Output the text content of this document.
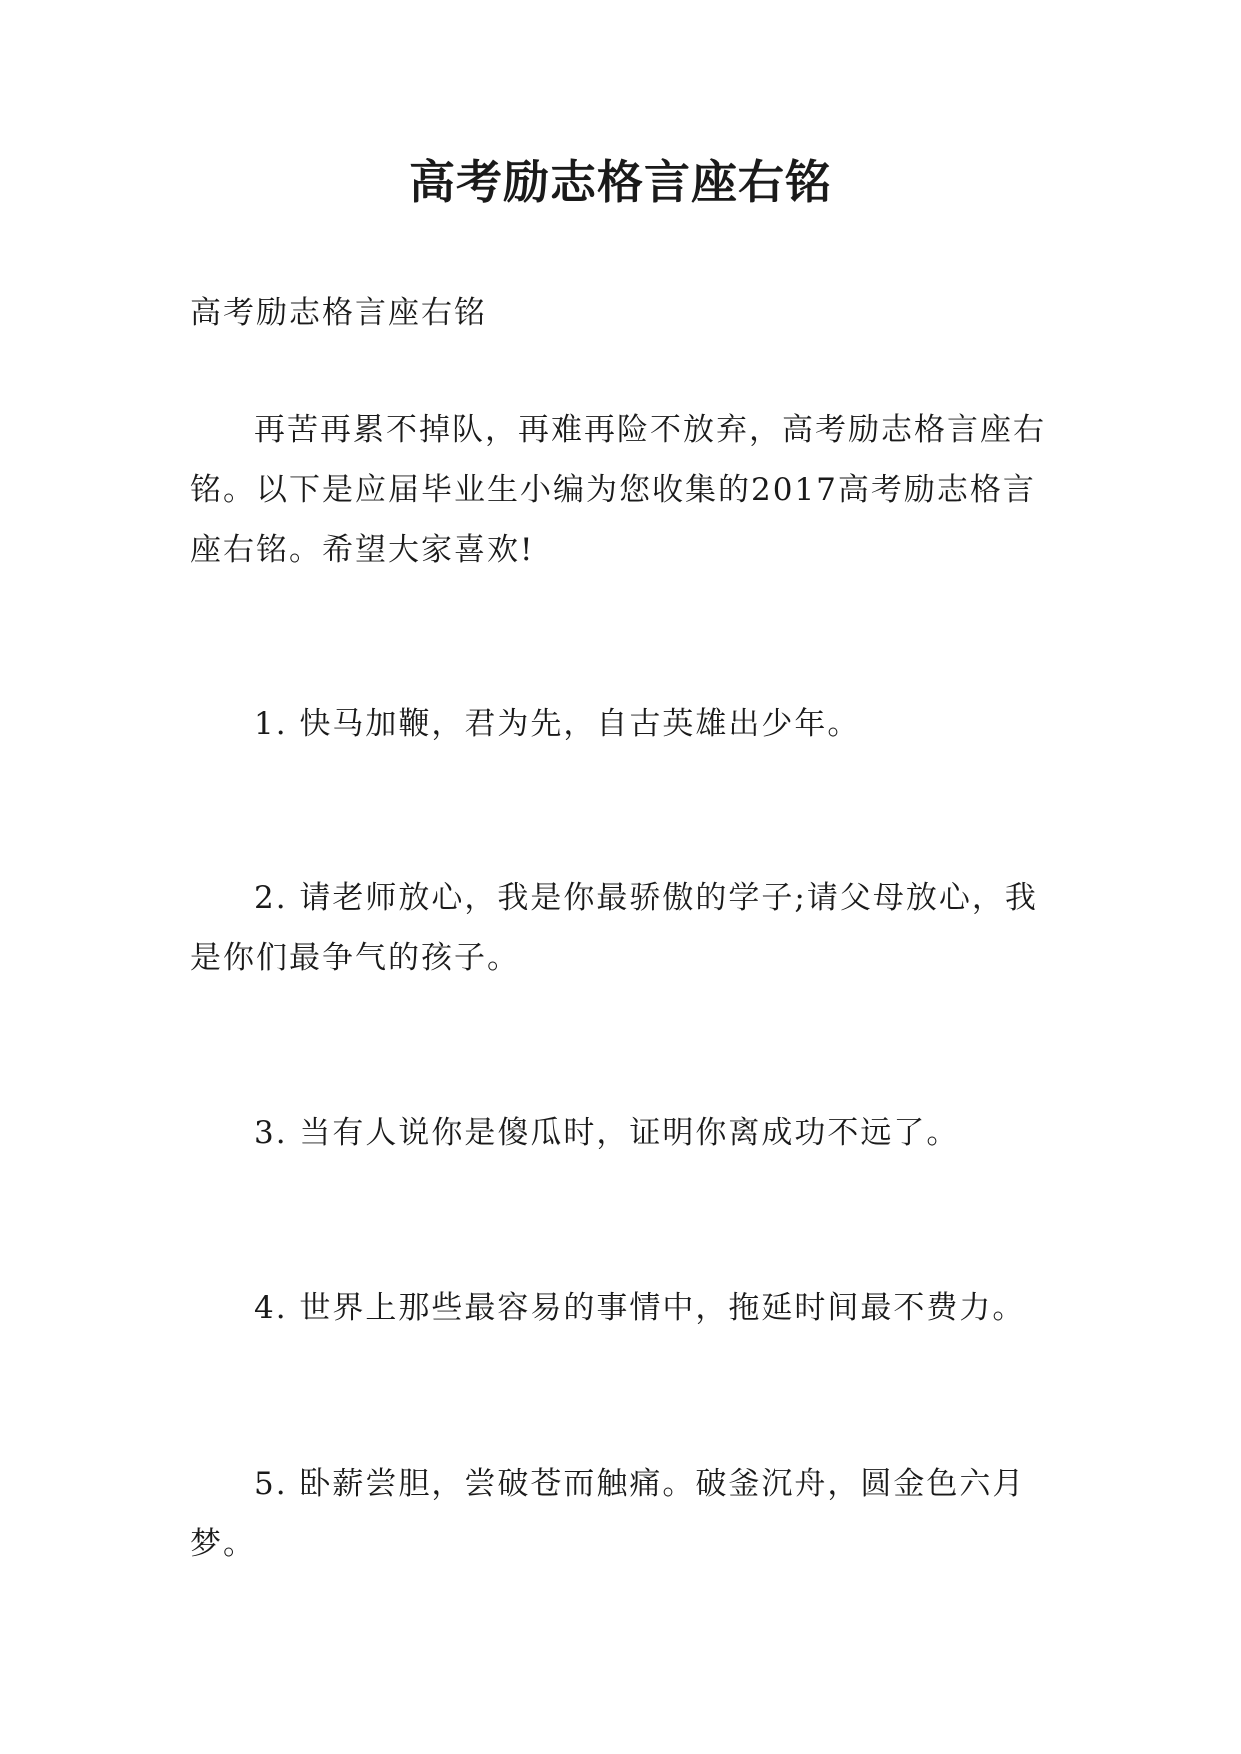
高考励志格言座右铭

高考励志格言座右铭

再苦再累不掉队，再难再险不放弃，高考励志格言座右铭。以下是应届毕业生小编为您收集的2017高考励志格言座右铭。希望大家喜欢!

1. 快马加鞭，君为先，自古英雄出少年。

2. 请老师放心，我是你最骄傲的学子;请父母放心，我是你们最争气的孩子。

3. 当有人说你是傻瓜时，证明你离成功不远了。

4. 世界上那些最容易的事情中，拖延时间最不费力。

5. 卧薪尝胆，尝破苍而触痛。破釜沉舟，圆金色六月梦。
